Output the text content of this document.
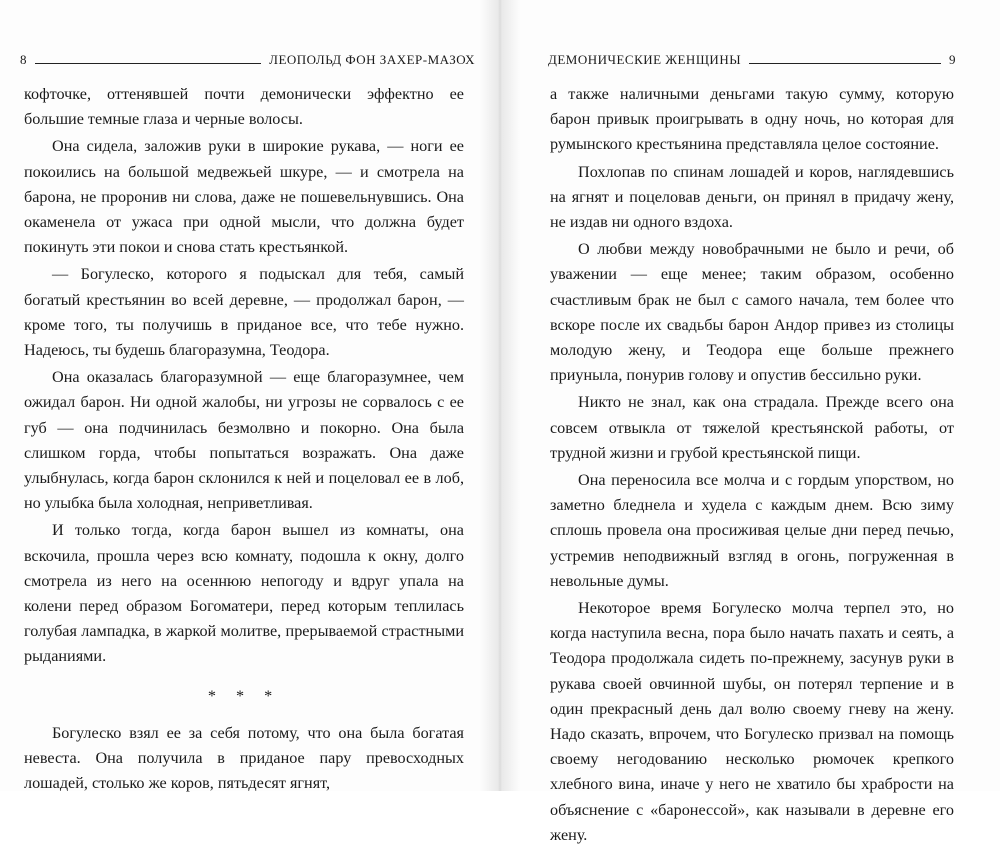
8	ЛЕОПОЛЬД ФОН ЗАХЕР-МАЗОХ	ДЕМОНИЧЕСКИЕ ЖЕНЩИНЫ	9

кофточке, оттенявшей почти демонически эффектно ее большие темные глаза и черные волосы.

Она сидела, заложив руки в широкие рукава, — ноги ее покоились на большой медвежьей шкуре, — и смотрела на барона, не проронив ни слова, даже не пошевельнувшись. Она окаменела от ужаса при одной мысли, что должна будет покинуть эти покои и снова стать крестьянкой.

— Богулеско, которого я подыскал для тебя, самый богатый крестьянин во всей деревне, — продолжал барон, — кроме того, ты получишь в приданое все, что тебе нужно. Надеюсь, ты будешь благоразумна, Теодора.

Она оказалась благоразумной — еще благоразумнее, чем ожидал барон. Ни одной жалобы, ни угрозы не сорвалось с ее губ — она подчинилась безмолвно и покорно. Она была слишком горда, чтобы попытаться возражать. Она даже улыбнулась, когда барон склонился к ней и поцеловал ее в лоб, но улыбка была холодная, неприветливая.

И только тогда, когда барон вышел из комнаты, она вскочила, прошла через всю комнату, подошла к окну, долго смотрела из него на осеннюю непогоду и вдруг упала на колени перед образом Богоматери, перед которым теплилась голубая лампадка, в жаркой молитве, прерываемой страстными рыданиями.

* * *

Богулеско взял ее за себя потому, что она была богатая невеста. Она получила в приданое пару превосходных лошадей, столько же коров, пятьдесят ягнят,

а также наличными деньгами такую сумму, которую барон привык проигрывать в одну ночь, но которая для румынского крестьянина представляла целое состояние.

Похлопав по спинам лошадей и коров, наглядевшись на ягнят и поцеловав деньги, он принял в придачу жену, не издав ни одного вздоха.

О любви между новобрачными не было и речи, об уважении — еще менее; таким образом, особенно счастливым брак не был с самого начала, тем более что вскоре после их свадьбы барон Андор привез из столицы молодую жену, и Теодора еще больше прежнего приуныла, понурив голову и опустив бессильно руки.

Никто не знал, как она страдала. Прежде всего она совсем отвыкла от тяжелой крестьянской работы, от трудной жизни и грубой крестьянской пищи.

Она переносила все молча и с гордым упорством, но заметно бледнела и худела с каждым днем. Всю зиму сплошь провела она просиживая целые дни перед печью, устремив неподвижный взгляд в огонь, погруженная в невольные думы.

Некоторое время Богулеско молча терпел это, но когда наступила весна, пора было начать пахать и сеять, а Теодора продолжала сидеть по-прежнему, засунув руки в рукава своей овчинной шубы, он потерял терпение и в один прекрасный день дал волю своему гневу на жену. Надо сказать, впрочем, что Богулеско призвал на помощь своему негодованию несколько рюмочек крепкого хлебного вина, иначе у него не хватило бы храбрости на объяснение с «баронессой», как называли в деревне его жену.
